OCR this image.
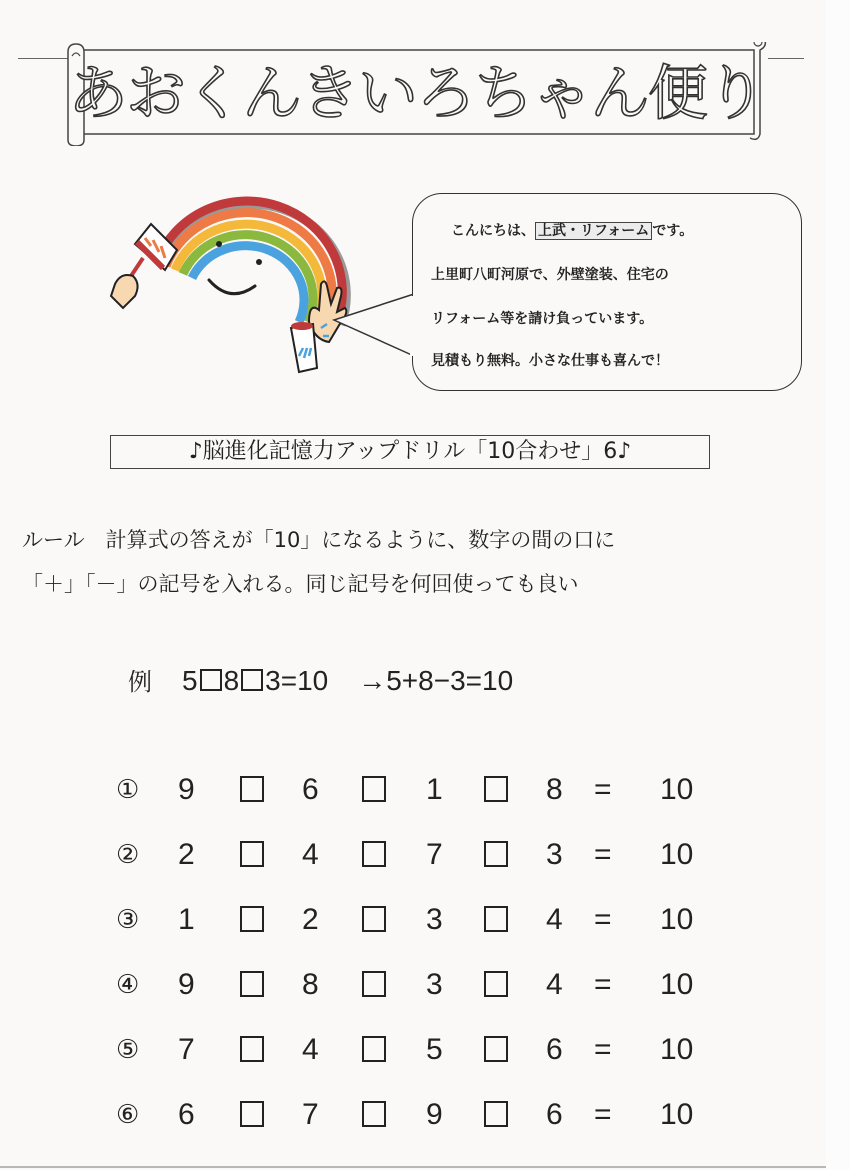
あおくんきいろちゃん便り
こんにちは、 上武・リフォーム です。
上里町八町河原で、外壁塗装、住宅の
リフォーム等を請け負っています。
見積もり無料。小さな仕事も喜んで！
♪脳進化記憶力アップドリル「10合わせ」6♪
ルール　計算式の答えが「10」になるように、数字の間の口に
「＋」「－」の記号を入れる。同じ記号を何回使っても良い
例 5 8 3=10 →5+8−3=10
① 9	6	1	8 = 10
② 2	4	7	3 = 10
③ 1	2	3	4 = 10
④ 9	8	3	4 = 10
⑤ 7	4	5	6 = 10
⑥ 6	7	9	6 = 10
